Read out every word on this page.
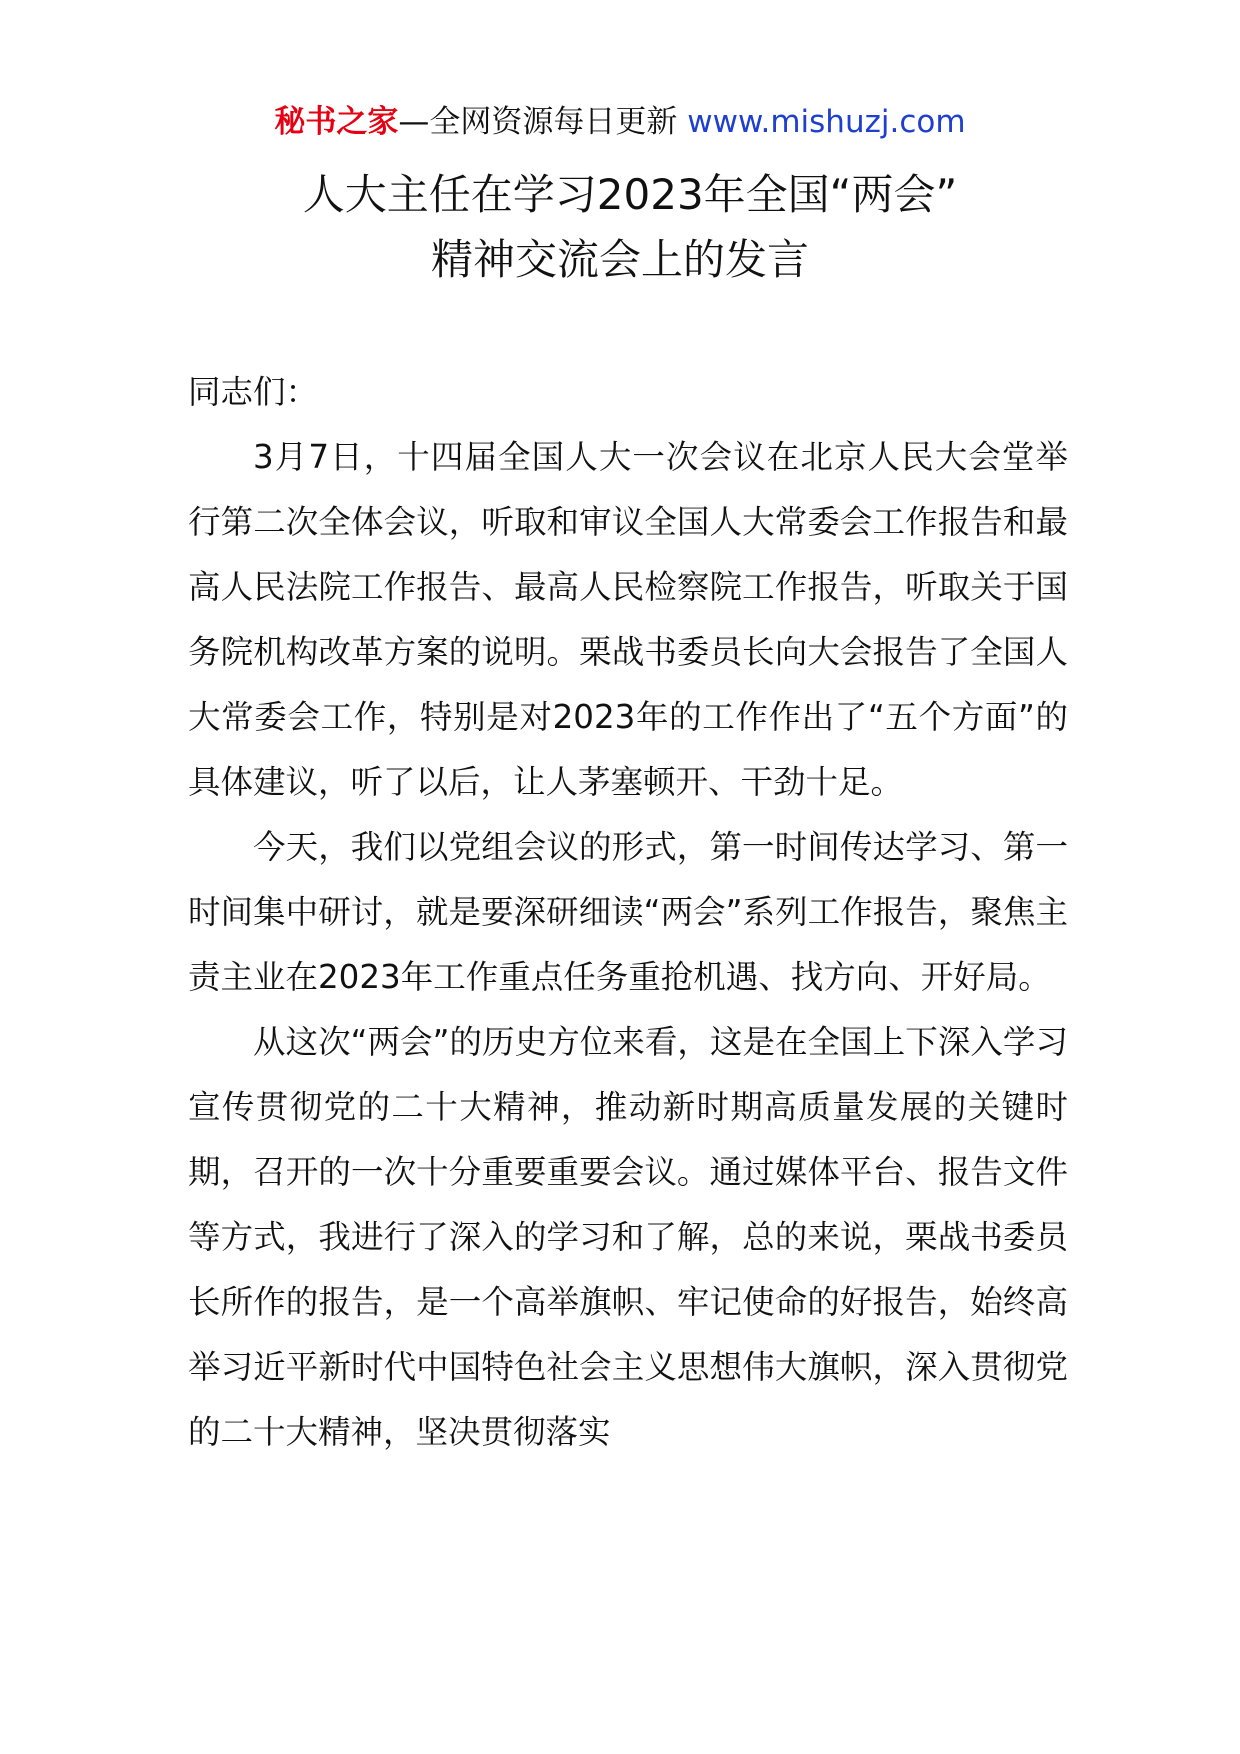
秘书之家—全网资源每日更新 www.mishuzj.com
人大主任在学习2023年全国“两会”
精神交流会上的发言

同志们：

3月7日，十四届全国人大一次会议在北京人民大会堂举行第二次全体会议，听取和审议全国人大常委会工作报告和最高人民法院工作报告、最高人民检察院工作报告，听取关于国务院机构改革方案的说明。栗战书委员长向大会报告了全国人大常委会工作，特别是对2023年的工作作出了“五个方面”的具体建议，听了以后，让人茅塞顿开、干劲十足。

今天，我们以党组会议的形式，第一时间传达学习、第一时间集中研讨，就是要深研细读“两会”系列工作报告，聚焦主责主业在2023年工作重点任务重抢机遇、找方向、开好局。

从这次“两会”的历史方位来看，这是在全国上下深入学习宣传贯彻党的二十大精神，推动新时期高质量发展的关键时期，召开的一次十分重要重要会议。通过媒体平台、报告文件等方式，我进行了深入的学习和了解，总的来说，栗战书委员长所作的报告，是一个高举旗帜、牢记使命的好报告，始终高举习近平新时代中国特色社会主义思想伟大旗帜，深入贯彻党的二十大精神，坚决贯彻落实
